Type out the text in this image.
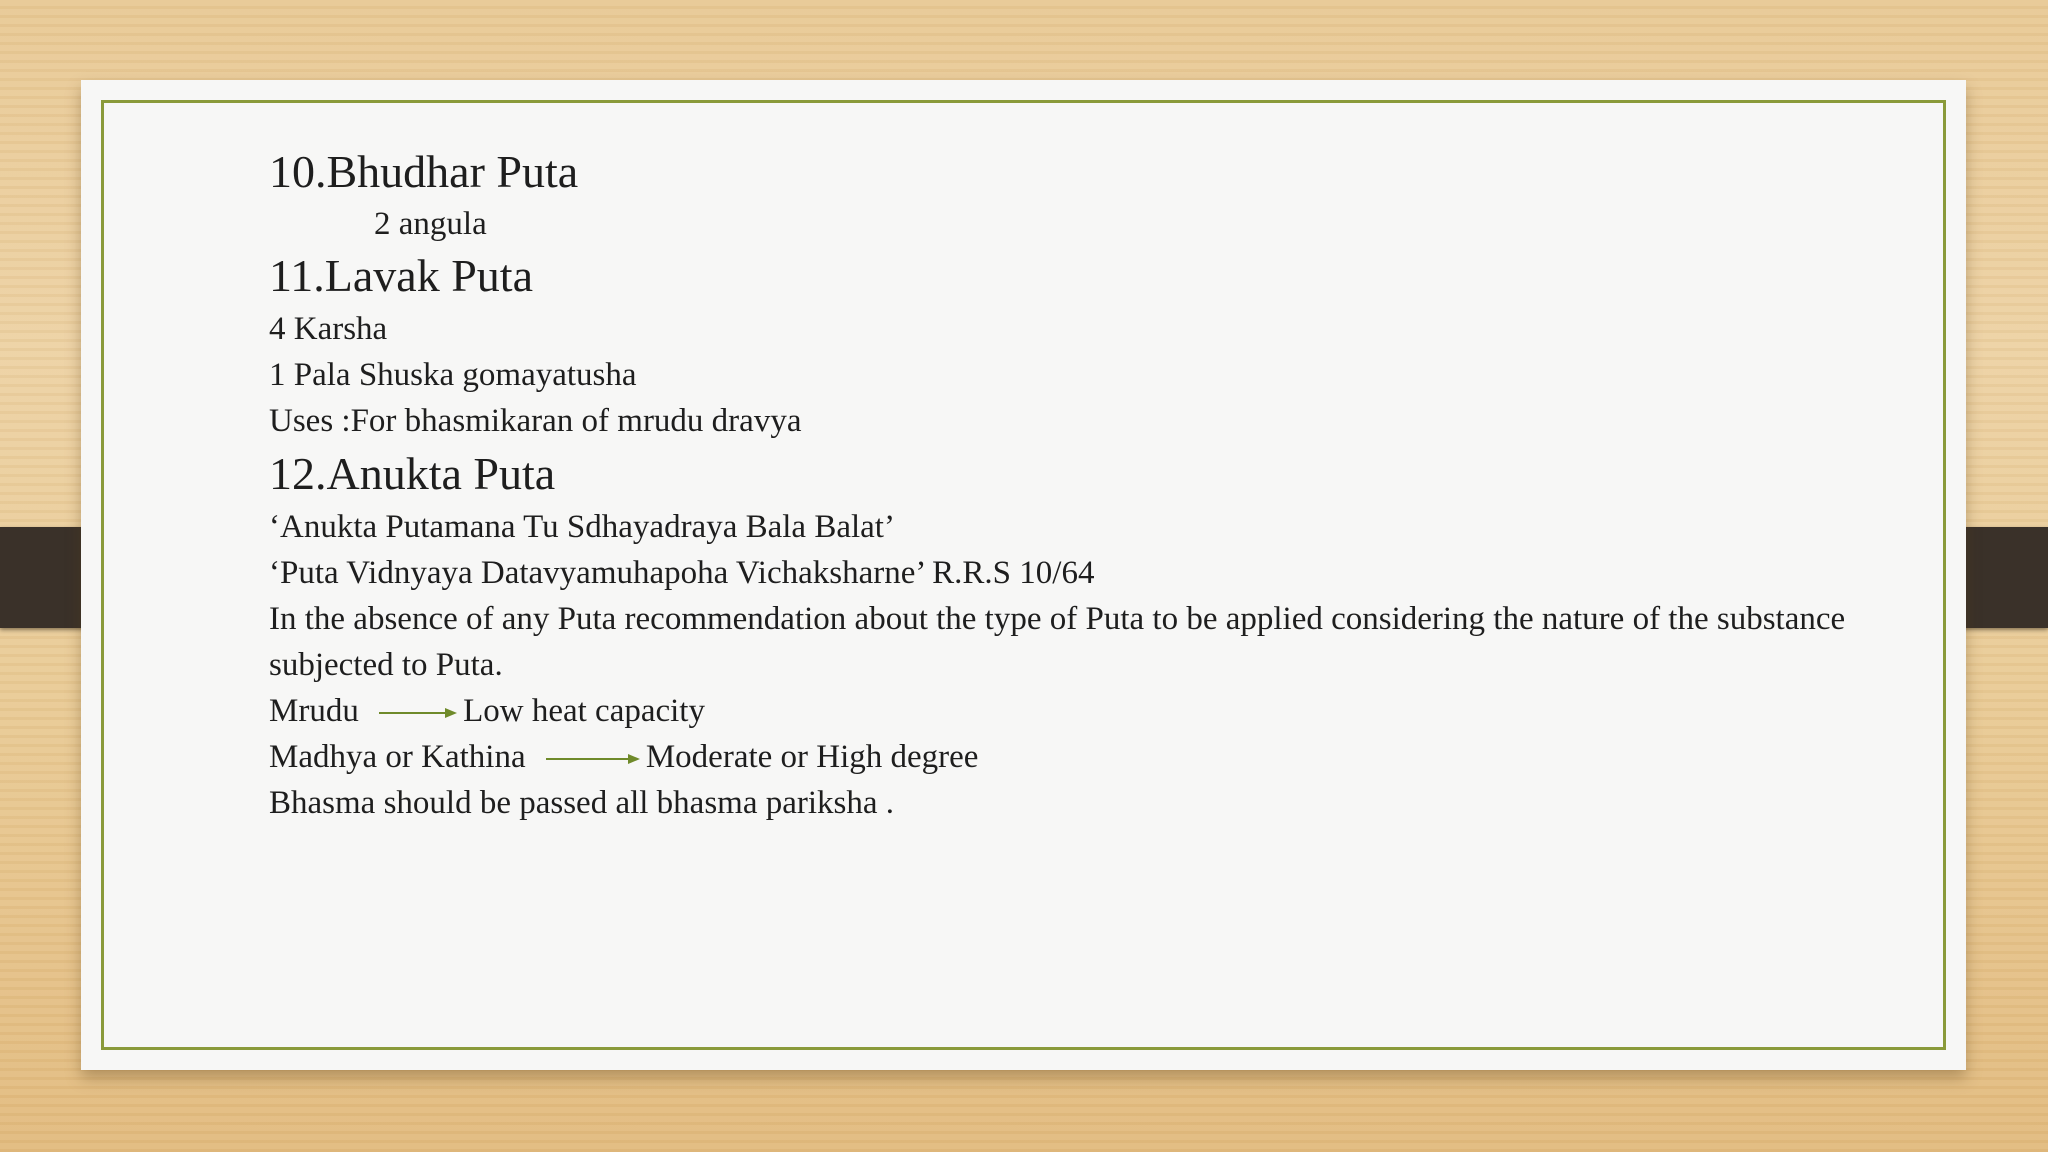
10.Bhudhar Puta
2 angula
11.Lavak Puta
4 Karsha
1 Pala Shuska gomayatusha
Uses :For bhasmikaran of mrudu dravya
12.Anukta Puta
‘Anukta Putamana Tu Sdhayadraya Bala Balat’
‘Puta Vidnyaya Datavyamuhapoha Vichaksharne’ R.R.S 10/64
In the absence of any Puta recommendation about the type of Puta to be applied considering the nature of the substance subjected to Puta.
Mrudu	Low heat capacity
Madhya or Kathina	Moderate or High degree
Bhasma should be passed all bhasma pariksha .
